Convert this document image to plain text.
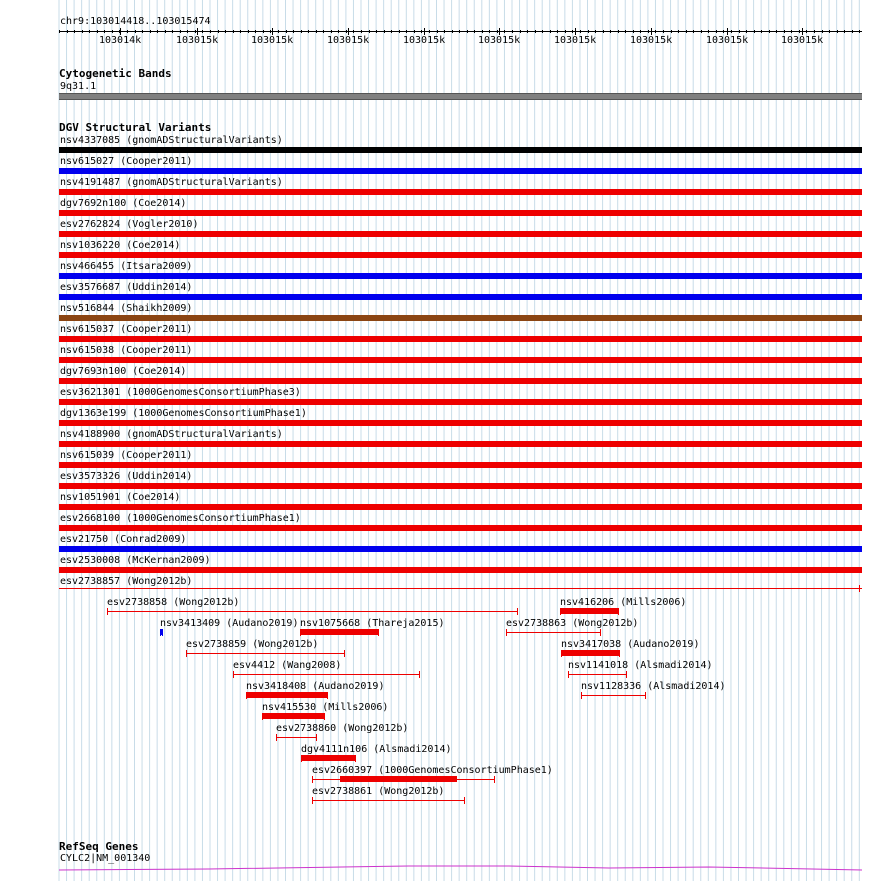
chr9:103014418..103015474
103014k	103015k	103015k	103015k	103015k	103015k	103015k	103015k	103015k	103015k
Cytogenetic Bands
9q31.1
DGV Structural Variants
nsv4337085 (gnomADStructuralVariants)
nsv615027 (Cooper2011)
nsv4191487 (gnomADStructuralVariants)
dgv7692n100 (Coe2014)
esv2762824 (Vogler2010)
nsv1036220 (Coe2014)
nsv466455 (Itsara2009)
esv3576687 (Uddin2014)
nsv516844 (Shaikh2009)
nsv615037 (Cooper2011)
nsv615038 (Cooper2011)
dgv7693n100 (Coe2014)
esv3621301 (1000GenomesConsortiumPhase3)
dgv1363e199 (1000GenomesConsortiumPhase1)
nsv4188900 (gnomADStructuralVariants)
nsv615039 (Cooper2011)
esv3573326 (Uddin2014)
nsv1051901 (Coe2014)
esv2668100 (1000GenomesConsortiumPhase1)
esv21750 (Conrad2009)
esv2530008 (McKernan2009)
esv2738857 (Wong2012b)
esv2738858 (Wong2012b)	nsv416206 (Mills2006)
nsv3413409 (Audano2019) nsv1075668 (Thareja2015)	esv2738863 (Wong2012b)
esv2738859 (Wong2012b)	nsv3417038 (Audano2019)
esv4412 (Wang2008)	nsv1141018 (Alsmadi2014)
nsv3418408 (Audano2019)	nsv1128336 (Alsmadi2014)
nsv415530 (Mills2006)
esv2738860 (Wong2012b)
dgv4111n106 (Alsmadi2014)
esv2660397 (1000GenomesConsortiumPhase1)
esv2738861 (Wong2012b)
RefSeq Genes
CYLC2|NM_001340
